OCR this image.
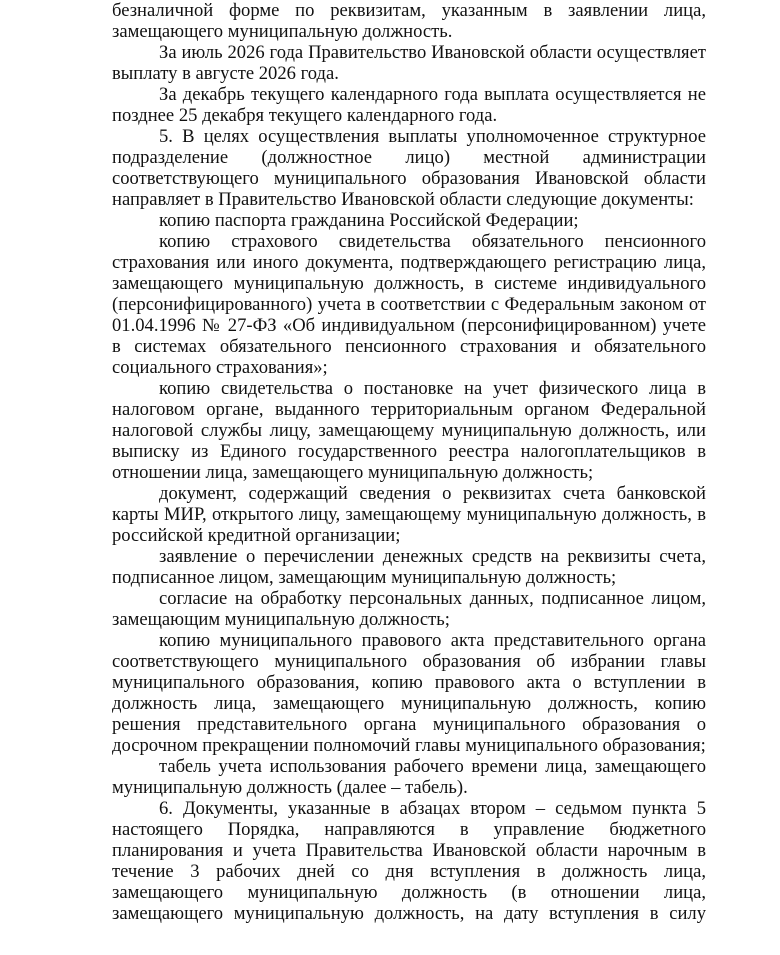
безналичной форме по реквизитам, указанным в заявлении лица, замещающего муниципальную должность.

За июль 2026 года Правительство Ивановской области осуществляет выплату в августе 2026 года.

За декабрь текущего календарного года выплата осуществляется не позднее 25 декабря текущего календарного года.

5. В целях осуществления выплаты уполномоченное структурное подразделение (должностное лицо) местной администрации соответствующего муниципального образования Ивановской области направляет в Правительство Ивановской области следующие документы:

копию паспорта гражданина Российской Федерации;

копию страхового свидетельства обязательного пенсионного страхования или иного документа, подтверждающего регистрацию лица, замещающего муниципальную должность, в системе индивидуального (персонифицированного) учета в соответствии с Федеральным законом от 01.04.1996 № 27-ФЗ «Об индивидуальном (персонифицированном) учете в системах обязательного пенсионного страхования и обязательного социального страхования»;

копию свидетельства о постановке на учет физического лица в налоговом органе, выданного территориальным органом Федеральной налоговой службы лицу, замещающему муниципальную должность, или выписку из Единого государственного реестра налогоплательщиков в отношении лица, замещающего муниципальную должность;

документ, содержащий сведения о реквизитах счета банковской карты МИР, открытого лицу, замещающему муниципальную должность, в российской кредитной организации;

заявление о перечислении денежных средств на реквизиты счета, подписанное лицом, замещающим муниципальную должность;

согласие на обработку персональных данных, подписанное лицом, замещающим муниципальную должность;

копию муниципального правового акта представительного органа соответствующего муниципального образования об избрании главы муниципального образования, копию правового акта о вступлении в должность лица, замещающего муниципальную должность, копию решения представительного органа муниципального образования о досрочном прекращении полномочий главы муниципального образования;

табель учета использования рабочего времени лица, замещающего муниципальную должность (далее – табель).

6. Документы, указанные в абзацах втором – седьмом пункта 5 настоящего Порядка, направляются в управление бюджетного планирования и учета Правительства Ивановской области нарочным в течение 3 рабочих дней со дня вступления в должность лица, замещающего муниципальную должность (в отношении лица, замещающего муниципальную должность, на дату вступления в силу
